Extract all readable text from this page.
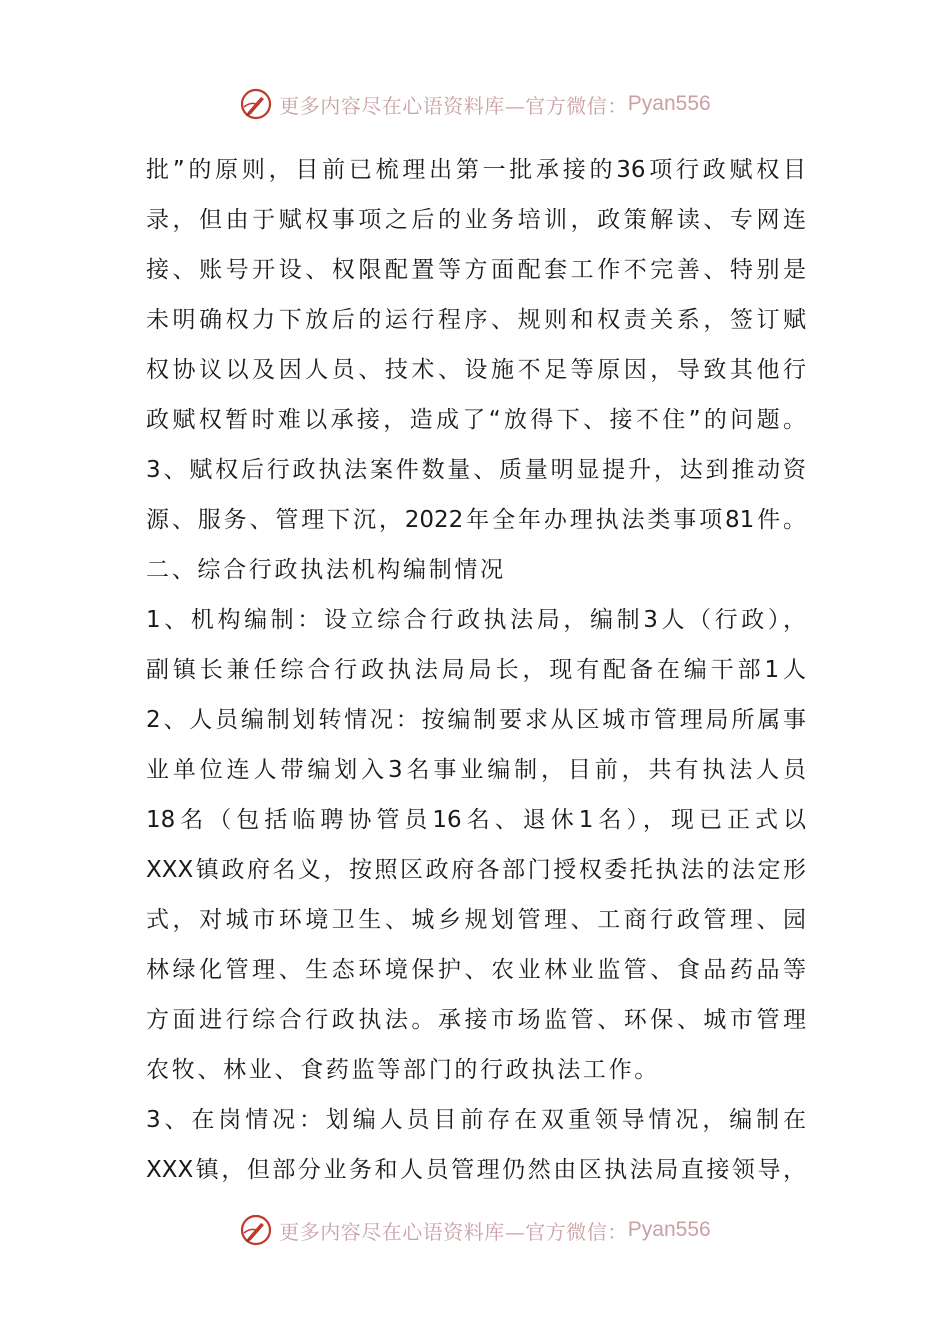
更多内容尽在心语资料库—官方微信： Pyan556
批”的原则，目前已梳理出第一批承接的36项行政赋权目
录，但由于赋权事项之后的业务培训，政策解读、专网连
接、账号开设、权限配置等方面配套工作不完善、特别是
未明确权力下放后的运行程序、规则和权责关系，签订赋
权协议以及因人员、技术、设施不足等原因，导致其他行
政赋权暂时难以承接，造成了“放得下、接不住”的问题。
3、赋权后行政执法案件数量、质量明显提升，达到推动资
源、服务、管理下沉，2022年全年办理执法类事项81件。
二、综合行政执法机构编制情况
1、机构编制：设立综合行政执法局，编制3人（行政），
副镇长兼任综合行政执法局局长，现有配备在编干部1人
2、人员编制划转情况：按编制要求从区城市管理局所属事
业单位连人带编划入3名事业编制，目前，共有执法人员
18名（包括临聘协管员16名、退休1名），现已正式以
XXX镇政府名义，按照区政府各部门授权委托执法的法定形
式，对城市环境卫生、城乡规划管理、工商行政管理、园
林绿化管理、生态环境保护、农业林业监管、食品药品等
方面进行综合行政执法。承接市场监管、环保、城市管理
农牧、林业、食药监等部门的行政执法工作。
3、在岗情况：划编人员目前存在双重领导情况，编制在
XXX镇，但部分业务和人员管理仍然由区执法局直接领导，
更多内容尽在心语资料库—官方微信： Pyan556
